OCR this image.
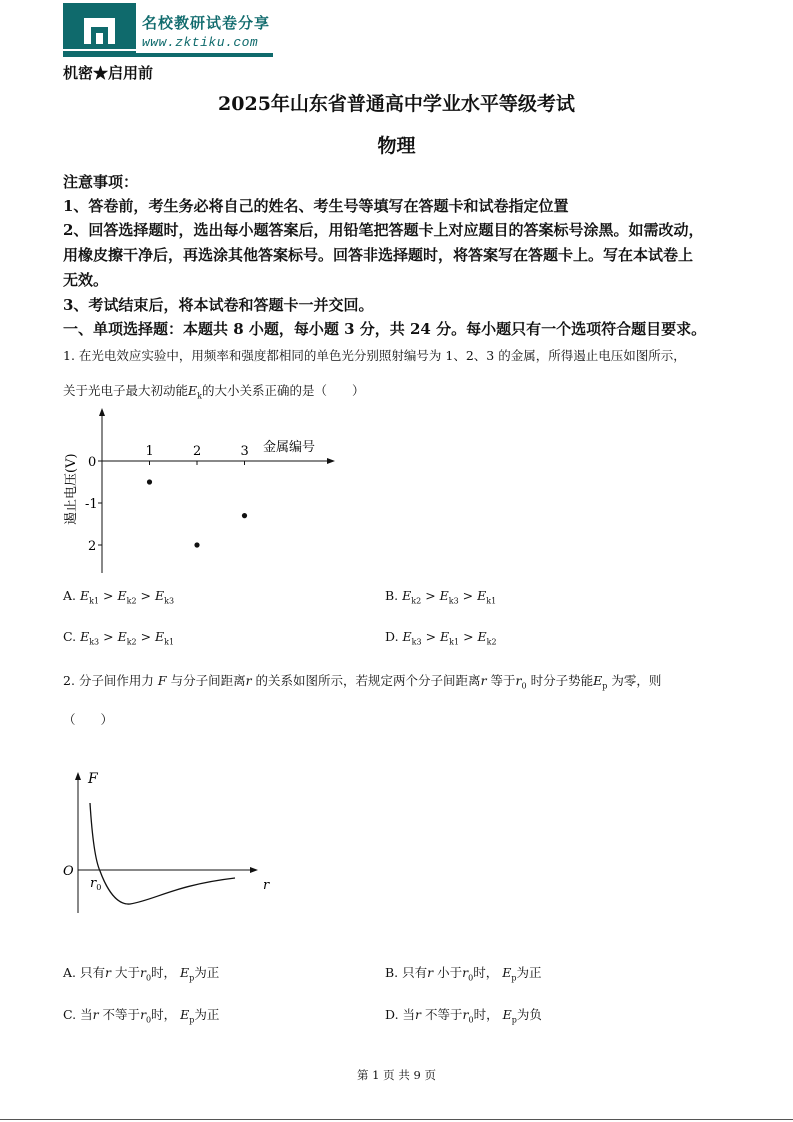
名校教研试卷分享
www.zktiku.com
机密★启用前
2025年山东省普通高中学业水平等级考试
物理
注意事项：
1、答卷前，考生务必将自己的姓名、考生号等填写在答题卡和试卷指定位置
2、回答选择题时，选出每小题答案后，用铅笔把答题卡上对应题目的答案标号涂黑。如需改动，
用橡皮擦干净后，再选涂其他答案标号。回答非选择题时，将答案写在答题卡上。写在本试卷上
无效。
3、考试结束后，将本试卷和答题卡一并交回。
一、单项选择题：本题共 8 小题，每小题 3 分，共 24 分。每小题只有一个选项符合题目要求。
1. 在光电效应实验中，用频率和强度都相同的单色光分别照射编号为 1、2、3 的金属，所得遏止电压如图所示，
关于光电子最大初动能$E_k$的大小关系正确的是（　　）
1	2	3
0
-1
2
金属编号
遏止电压(V)
A. $E_{k1} > E_{k2} > E_{k3}$	B. $E_{k2} > E_{k3} > E_{k1}$
C. $E_{k3} > E_{k2} > E_{k1}$	D. $E_{k3} > E_{k1} > E_{k2}$
2. 分子间作用力 F 与分子间距离r 的关系如图所示，若规定两个分子间距离r 等于$r_0$ 时分子势能$E_p$ 为零，则
（　　）
F
O
$r_0$	r
A. 只有r 大于$r_0$时， $E_p$为正	B. 只有r 小于$r_0$时， $E_p$为正
C. 当r 不等于$r_0$时， $E_p$为正	D. 当r 不等于$r_0$时， $E_p$为负
第 1 页 共 9 页
